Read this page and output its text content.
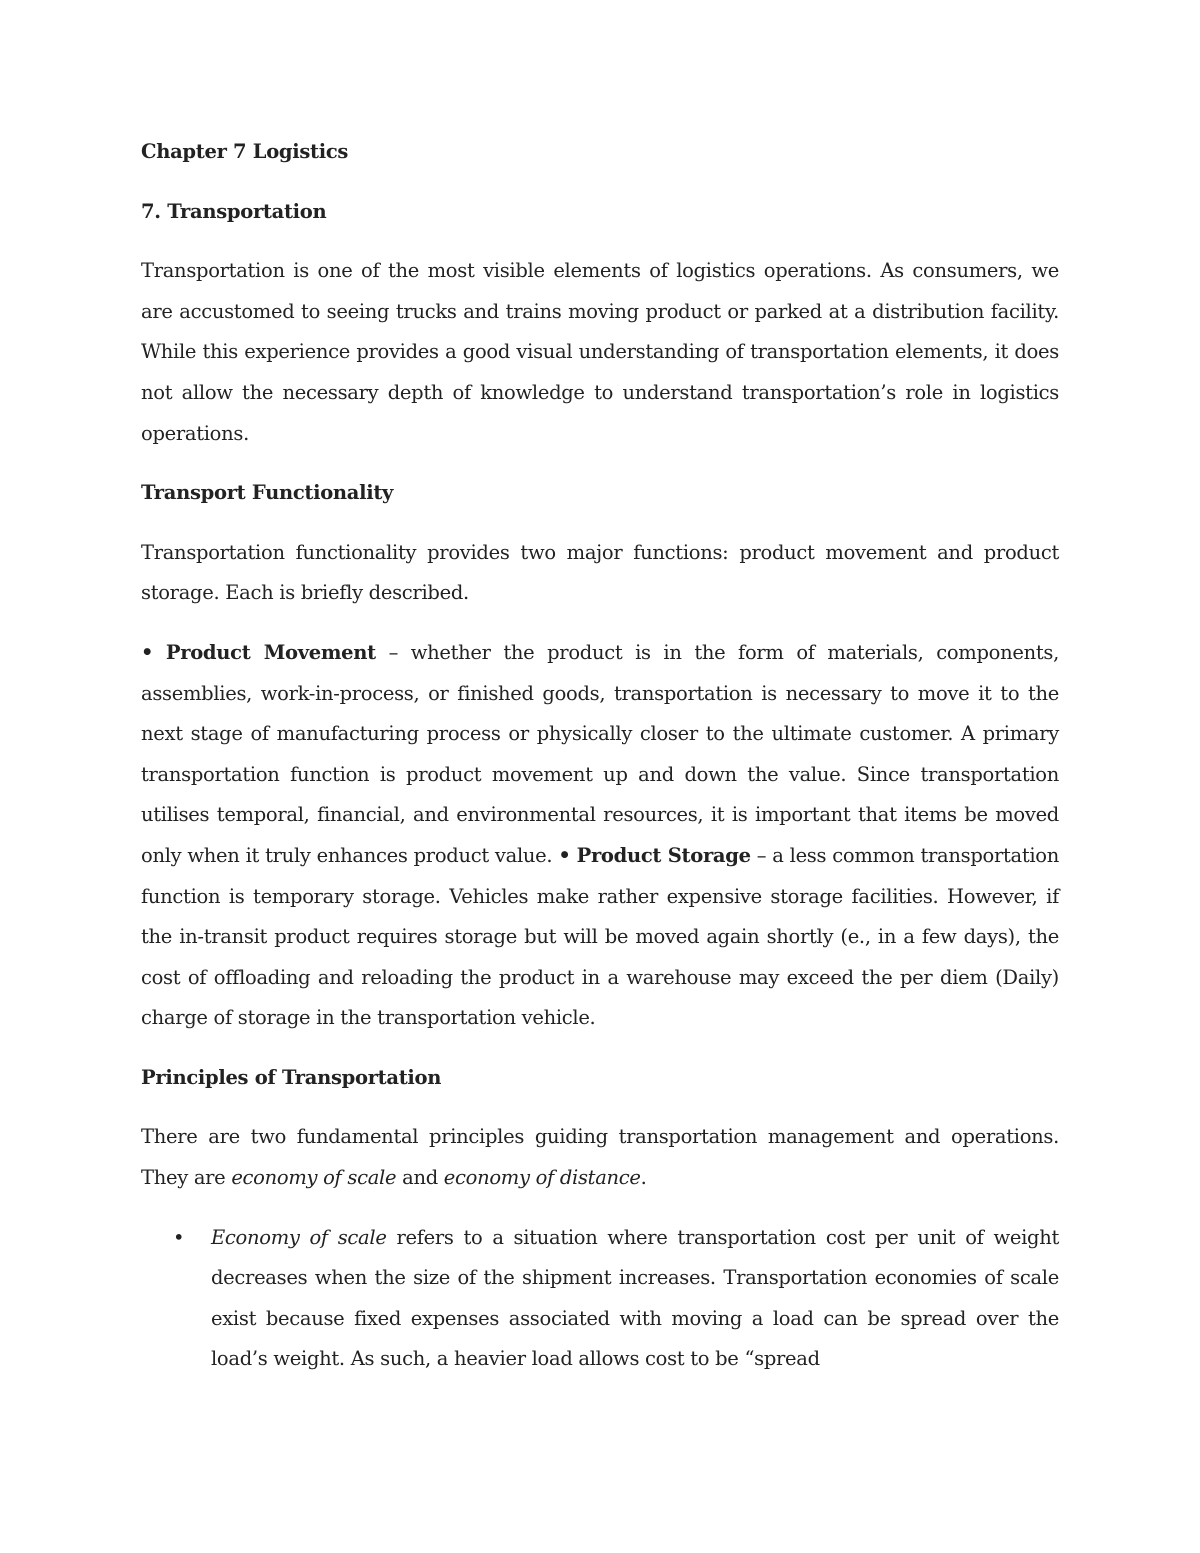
Chapter 7 Logistics

7. Transportation

Transportation is one of the most visible elements of logistics operations. As consumers, we are accustomed to seeing trucks and trains moving product or parked at a distribution facility. While this experience provides a good visual understanding of transportation elements, it does not allow the necessary depth of knowledge to understand transportation’s role in logistics operations.

Transport Functionality

Transportation functionality provides two major functions: product movement and product storage. Each is briefly described.

• Product Movement – whether the product is in the form of materials, components, assemblies, work-in-process, or finished goods, transportation is necessary to move it to the next stage of manufacturing process or physically closer to the ultimate customer. A primary transportation function is product movement up and down the value. Since transportation utilises temporal, financial, and environmental resources, it is important that items be moved only when it truly enhances product value. • Product Storage – a less common transportation function is temporary storage. Vehicles make rather expensive storage facilities. However, if the in-transit product requires storage but will be moved again shortly (e., in a few days), the cost of offloading and reloading the product in a warehouse may exceed the per diem (Daily) charge of storage in the transportation vehicle.

Principles of Transportation

There are two fundamental principles guiding transportation management and operations. They are economy of scale and economy of distance.

• Economy of scale refers to a situation where transportation cost per unit of weight decreases when the size of the shipment increases. Transportation economies of scale exist because fixed expenses associated with moving a load can be spread over the load’s weight. As such, a heavier load allows cost to be “spread
